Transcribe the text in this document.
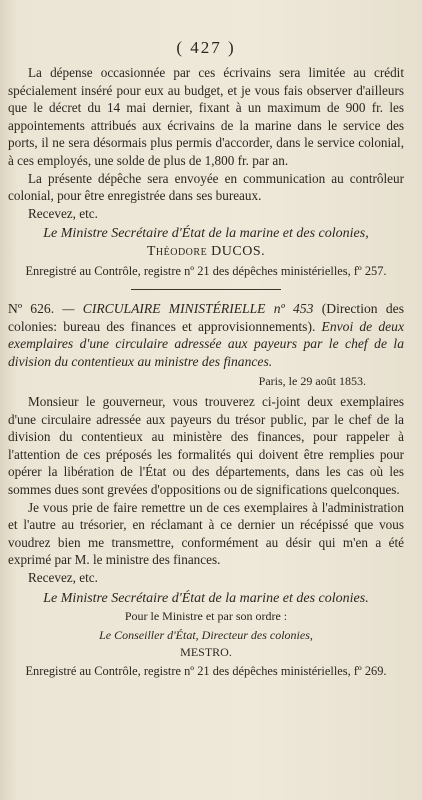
( 427 )

La dépense occasionnée par ces écrivains sera limitée au crédit spécialement inséré pour eux au budget, et je vous fais observer d'ailleurs que le décret du 14 mai dernier, fixant à un maximum de 900 fr. les appointements attribués aux écrivains de la marine dans le service des ports, il ne sera désormais plus permis d'accorder, dans le service colonial, à ces employés, une solde de plus de 1,800 fr. par an.

La présente dépêche sera envoyée en communication au contrôleur colonial, pour être enregistrée dans ses bureaux.

Recevez, etc.

Le Ministre Secrétaire d'État de la marine et des colonies,
Théodore DUCOS.
Enregistré au Contrôle, registre nº 21 des dépêches ministérielles, fº 257.

Nº 626. — CIRCULAIRE MINISTÉRIELLE nº 453 (Direction des colonies: bureau des finances et approvisionnements). Envoi de deux exemplaires d'une circulaire adressée aux payeurs par le chef de la division du contentieux au ministre des finances.

Paris, le 29 août 1853.

Monsieur le gouverneur, vous trouverez ci-joint deux exemplaires d'une circulaire adressée aux payeurs du trésor public, par le chef de la division du contentieux au ministère des finances, pour rappeler à l'attention de ces préposés les formalités qui doivent être remplies pour opérer la libération de l'État ou des départements, dans les cas où les sommes dues sont grevées d'oppositions ou de significations quelconques.

Je vous prie de faire remettre un de ces exemplaires à l'administration et l'autre au trésorier, en réclamant à ce dernier un récépissé que vous voudrez bien me transmettre, conformément au désir qui m'en a été exprimé par M. le ministre des finances.

Recevez, etc.

Le Ministre Secrétaire d'État de la marine et des colonies.
Pour le Ministre et par son ordre :
Le Conseiller d'État, Directeur des colonies,
MESTRO.
Enregistré au Contrôle, registre nº 21 des dépêches ministérielles, fº 269.
